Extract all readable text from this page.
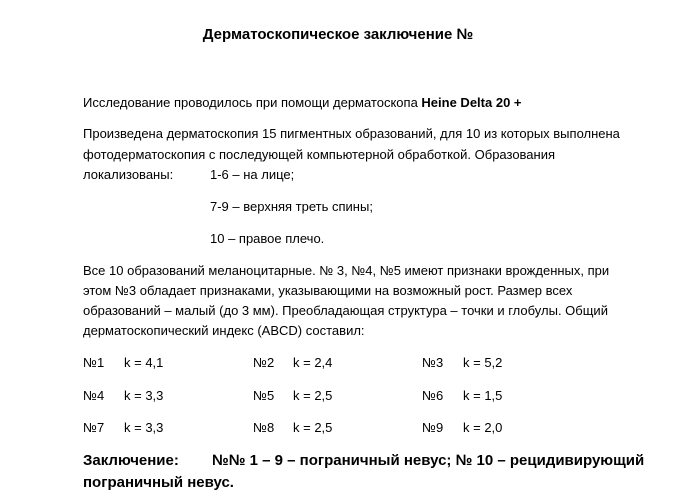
Дерматоскопическое заключение №
Исследование проводилось при помощи дерматоскопа Heine Delta 20 +
Произведена дерматоскопия 15 пигментных образований, для 10 из которых выполнена
фотодерматоскопия с последующей компьютерной обработкой. Образования
локализованы:	1-6 – на лице;
7-9 – верхняя треть спины;
10 – правое плечо.
Все 10 образований меланоцитарные. № 3, №4, №5 имеют признаки врожденных, при
этом №3 обладает признаками, указывающими на возможный рост. Размер всех
образований – малый (до 3 мм). Преобладающая структура – точки и глобулы. Общий
дерматоскопический индекс (ABCD) составил:
№1 k = 4,1	№2 k = 2,4	№3 k = 5,2
№4 k = 3,3	№5 k = 2,5	№6 k = 1,5
№7 k = 3,3	№8 k = 2,5	№9 k = 2,0
Заключение: №№ 1 – 9 – пограничный невус; № 10 – рецидивирующий
пограничный невус.
